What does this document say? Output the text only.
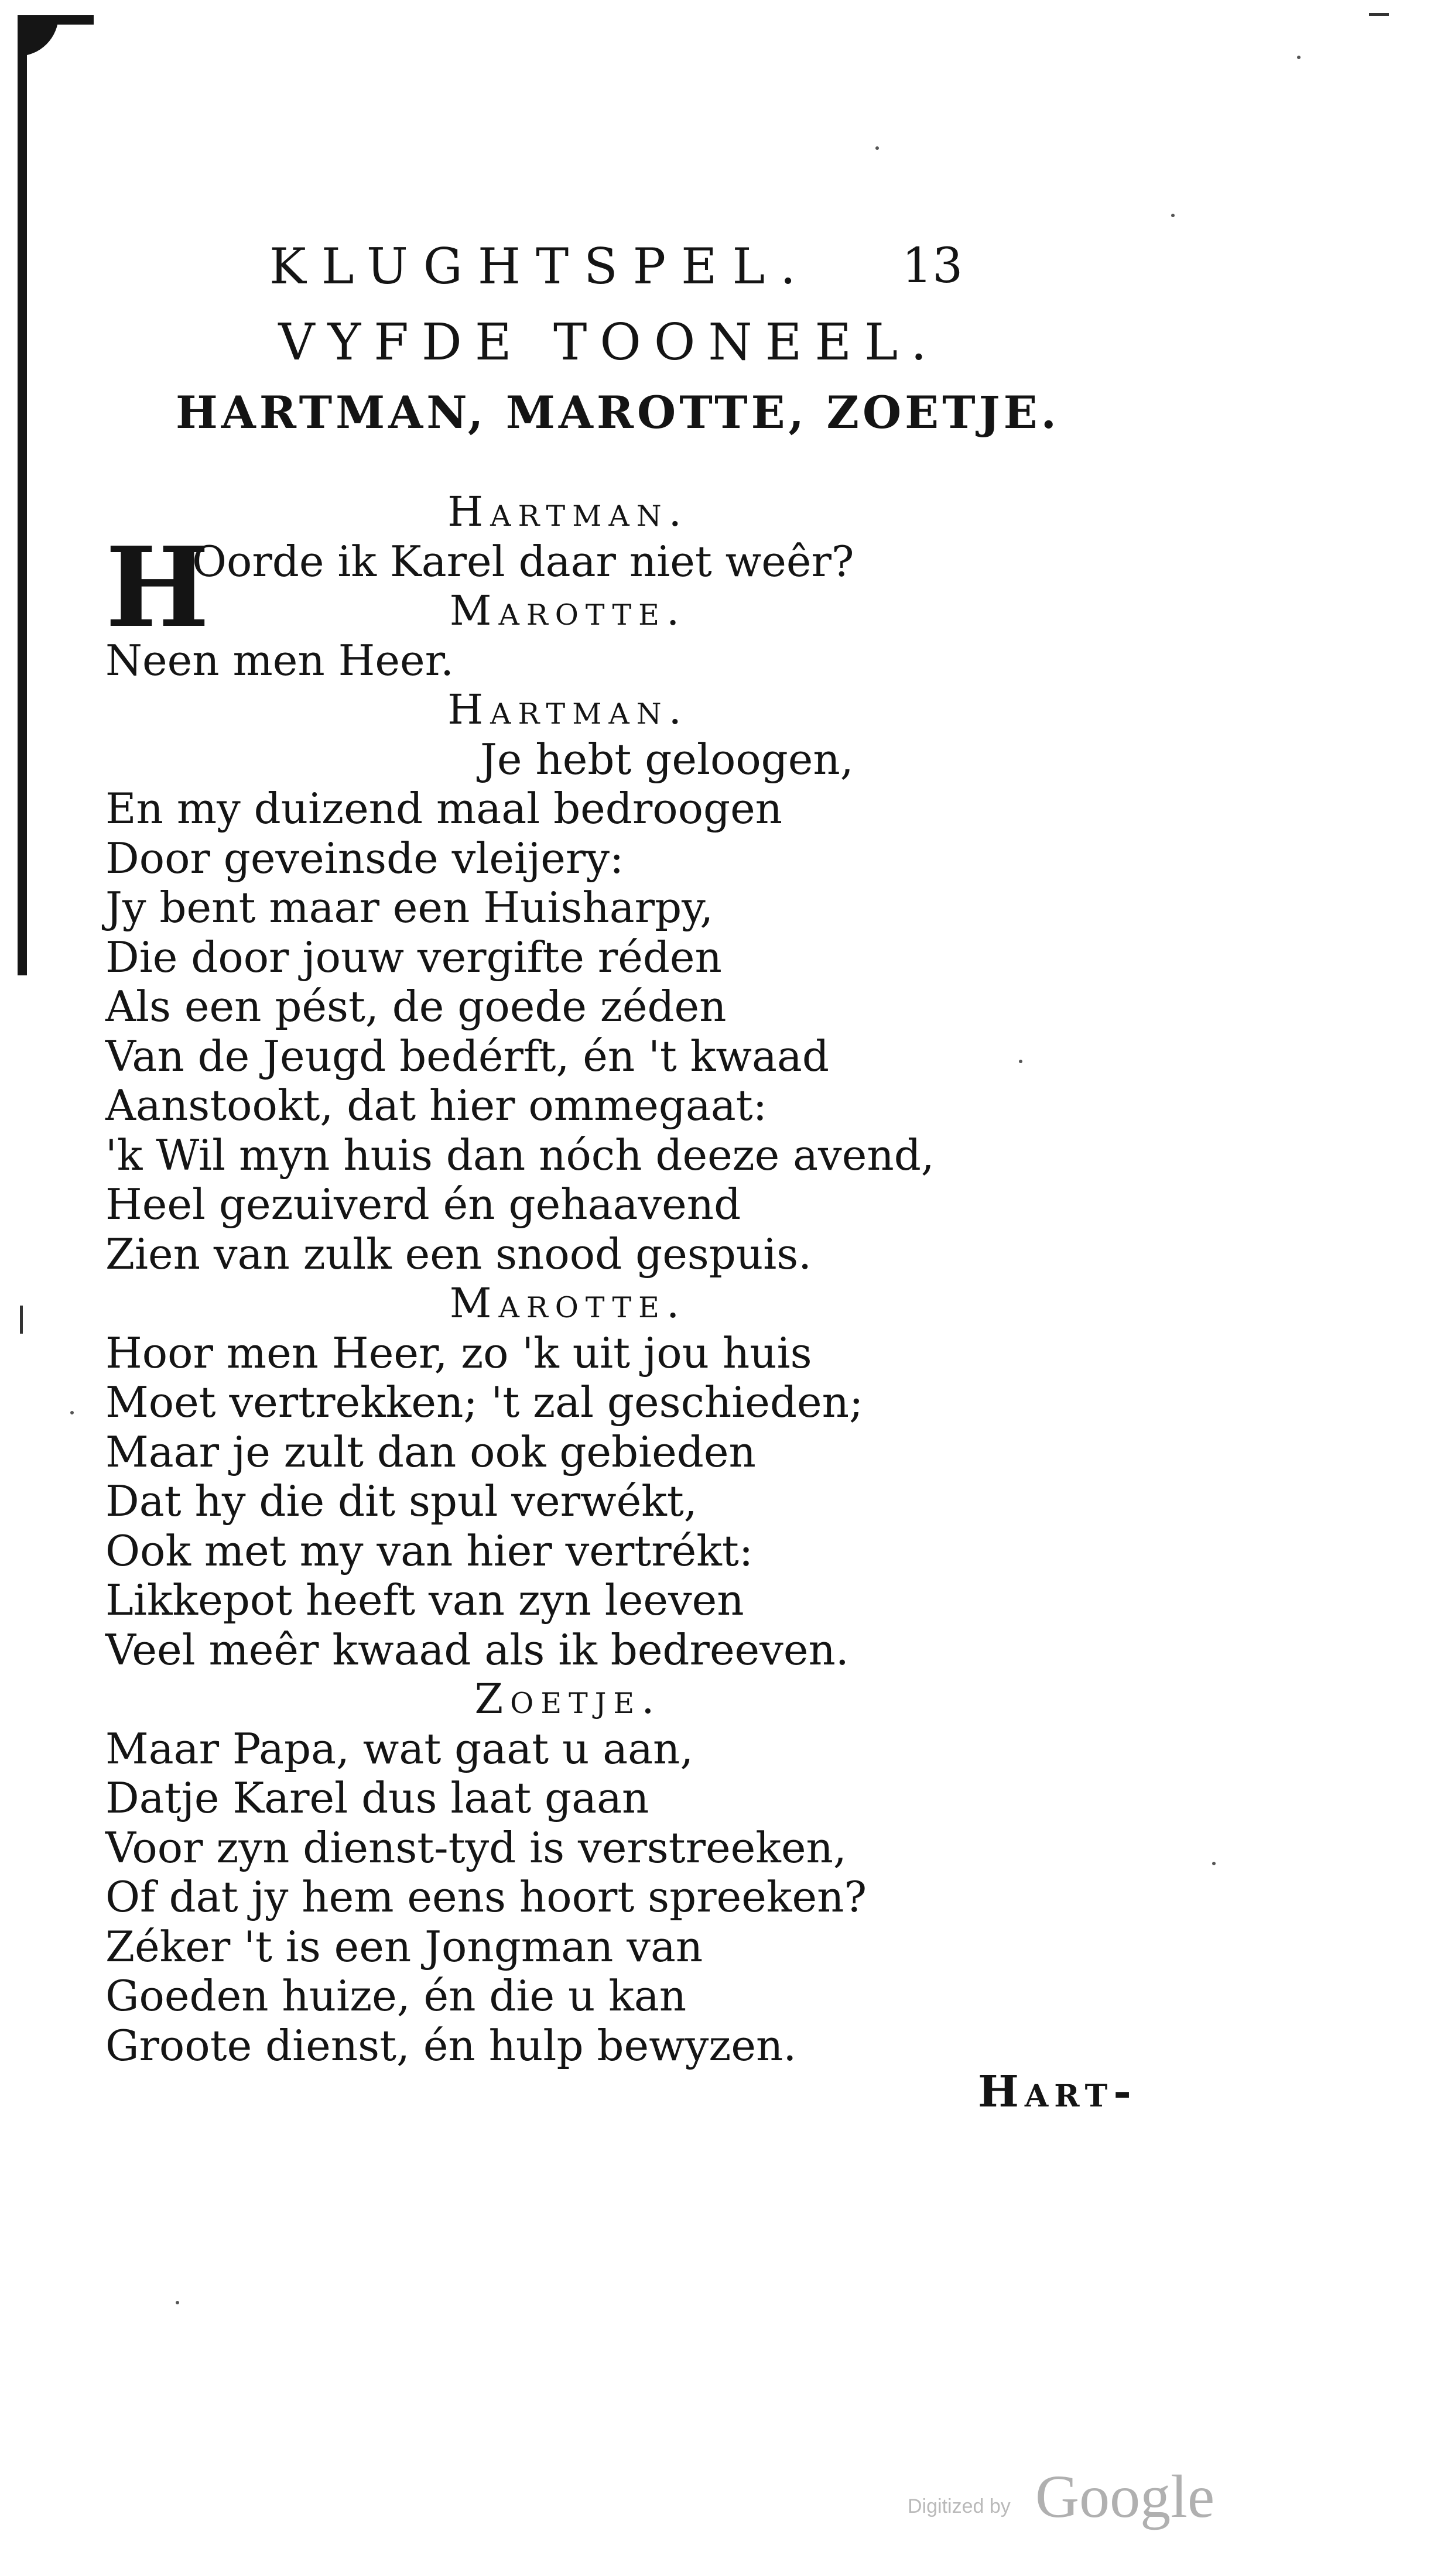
KLUGHTSPEL. 13
VYFDE TOONEEL.
HARTMAN, MAROTTE, ZOETJE.
Hartman.
H
Oorde ik Karel daar niet weêr?
Marotte.
Neen men Heer.
Hartman.
Je hebt geloogen,
En my duizend maal bedroogen
Door geveinsde vleijery:
Jy bent maar een Huisharpy,
Die door jouw vergifte réden
Als een pést, de goede zéden
Van de Jeugd bedérft, én 't kwaad
Aanstookt, dat hier ommegaat:
'k Wil myn huis dan nóch deeze avend,
Heel gezuiverd én gehaavend
Zien van zulk een snood gespuis.
Marotte.
Hoor men Heer, zo 'k uit jou huis
Moet vertrekken; 't zal geschieden;
Maar je zult dan ook gebieden
Dat hy die dit spul verwékt,
Ook met my van hier vertrékt:
Likkepot heeft van zyn leeven
Veel meêr kwaad als ik bedreeven.
Zoetje.
Maar Papa, wat gaat u aan,
Datje Karel dus laat gaan
Voor zyn dienst-tyd is verstreeken,
Of dat jy hem eens hoort spreeken?
Zéker 't is een Jongman van
Goeden huize, én die u kan
Groote dienst, én hulp bewyzen.
Hart-
Digitized by Google
